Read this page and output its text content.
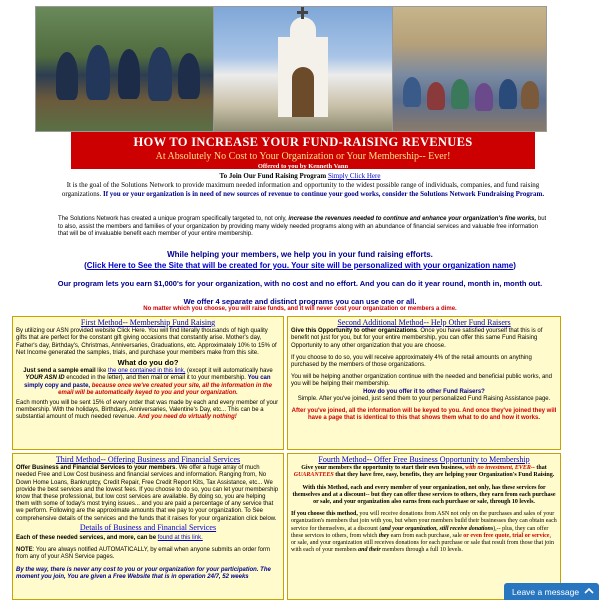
HOW TO INCREASE YOUR FUND-RAISING REVENUES
At Absolutely No Cost to Your Organization or Your Membership-- Ever!
Offered to you by Kenneth Vann
To Join Our Fund Raising Program Simply Click Here
It is the goal of the Solutions Network to provide maximum needed information and opportunity to the widest possible range of individuals, companies, and fund raising organizations. If you or your organization is in need of new sources of revenue to continue your good works, consider the Solutions Network Fundraising Program.
The Solutions Network has created a unique program specifically targeted to, not only, increase the revenues needed to continue and enhance your organization's fine works, but to also, assist the members and families of your organization by providing many widely needed programs along with an abundance of financial services and valuable free information that will be of invaluable benefit each member of your entire membership.
While helping your members, we help you in your fund raising efforts.
(Click Here to See the Site that will be created for you. Your site will be personalized with your organization name)
Our program lets you earn $1,000's for your organization, with no cost and no effort. And you can do it year round, month in, month out.
We offer 4 separate and distinct programs you can use one or all.
No matter which you choose, you will raise funds, and it will never cost your organization or members a dime.
First Method-- Membership Fund Raising
By utilizing our ASN provided website Click Here. You will find literally thousands of high quality gifts that are perfect for the constant gift giving occasions that constantly arise. Mother's day, Father's day, Birthday's, Christmas, Anniversaries, Graduations, etc. Approximately 10% to 15% of Net Income generated the samples, trials, and purchase your members make from this site.
What do you do?
Just send a sample email like the one contained in this link, (except it will automatically have YOUR ASN ID encoded in the letter), and then mail or email it to your membership. You can simply copy and paste, because once we've created your site, all the information in the email will be automatically keyed to you and your organization.
Each month you will be sent 15% of every order that was made by each and every member of your membership. With the holidays, Birthdays, Anniversaries, Valentine's Day, etc... This can be a substantial amount of much needed revenue. And you need do virtually nothing!
Second Additional Method-- Help Other Fund Raisers
Give this Opportunity to other organizations. Once you have satisfied yourself that this is of benefit not just for you, but for your entire membership, you can offer this same Fund Raising Opportunity to any other organization that you are choose.
If you choose to do so, you will receive approximately 4% of the retail amounts on anything purchased by the members of those organizations.
You will be helping another organization continue with the needed and beneficial public works, and you will be helping their membership.
How do you offer it to other Fund Raisers?
Simple. After you've joined, just send them to your personalized Fund Raising Assistance page.
After you've joined, all the information will be keyed to you. And once they've joined they will have a page that is identical to this that shows them what to do and how it works.
Third Method-- Offering Business and Financial Services
Offer Business and Financial Services to your members. We offer a huge array of much needed Free and Low Cost business and financial services and information. Ranging from, No Down Home Loans, Bankruptcy, Credit Repair, Free Credit Report Kits, Tax Assistance, etc... We provide the best services and the lowest fees. If you choose to do so, you can let your membership know that these professional, but low cost services are available. By doing so, you are helping them with some of today's most trying issues... and you are paid a percentage of any service that we perform. Following are the approximate amounts that we pay to your organization. To See comprehensive details of the services and the funds that it raises for your organization click below.
Details of Business and Financial Services
Each of these needed services, and more, can be found at this link.
NOTE: You are always notified AUTOMATICALLY, by email when anyone submits an order form from any of your ASN Service pages.
By the way, there is never any cost to you or your organization for your participation. The moment you join, You are given a Free Website that is in operation 24/7, 52 weeks
Fourth Method-- Offer Free Business Opportunity to Membership
Give your members the opportunity to start their own business, with no investment, EVER-- that GUARANTEES that they have free, easy, benefits, they are helping your Organization's Fund Raising.
With this Method, each and every member of your organization, not only, has these services for themselves and at a discount-- but they can offer these services to others, they earn from each purchase or sale, and your organization also earns from each purchase or sale, through 10 levels.
If you choose this method, you will receive donations from ASN not only on the purchases and sales of your organization's members that join with you, but when your members build their businesses they can obtain each service for themselves, at a discount (and your organization, still receive donations),-- plus, they can offer these services to others, from which they earn from each purchase, sale or even free quote, trial or service, or sale, and your organization still receives donations for each purchase or sale that result from those that join with each of your members and their members through a full 10 levels.
Leave a message
